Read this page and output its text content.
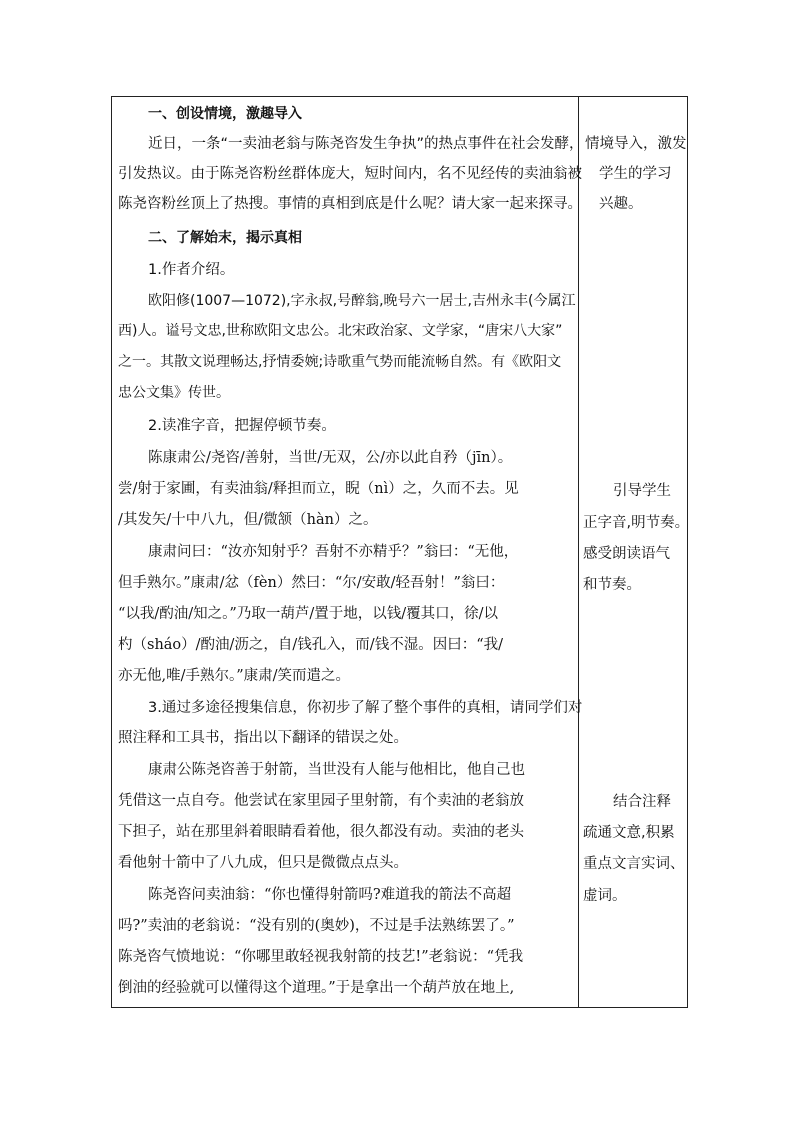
一、创设情境，激趣导入
近日，一条“一卖油老翁与陈尧咨发生争执”的热点事件在社会发酵，
引发热议。由于陈尧咨粉丝群体庞大，短时间内，名不见经传的卖油翁被
陈尧咨粉丝顶上了热搜。事情的真相到底是什么呢？请大家一起来探寻。
二、了解始末，揭示真相
1.作者介绍。
欧阳修(1007—1072),字永叔,号醉翁,晚号六一居士,吉州永丰(今属江
西)人。谥号文忠,世称欧阳文忠公。北宋政治家、文学家，“唐宋八大家”
之一。其散文说理畅达,抒情委婉;诗歌重气势而能流畅自然。有《欧阳文
忠公文集》传世。
2.读准字音，把握停顿节奏。
陈康肃公/尧咨/善射，当世/无双，公/亦以此自矜（jīn）。
尝/射于家圃，有卖油翁/释担而立，睨（nì）之，久而不去。见
/其发矢/十中八九，但/微颔（hàn）之。
康肃问曰：“汝亦知射乎？吾射不亦精乎？”翁曰：“无他，
但手熟尔。”康肃/忿（fèn）然曰：“尔/安敢/轻吾射！”翁曰：
“以我/酌油/知之。”乃取一葫芦/置于地，以钱/覆其口，徐/以
杓（sháo）/酌油/沥之，自/钱孔入，而/钱不湿。因曰：“我/
亦无他,唯/手熟尔。”康肃/笑而遣之。
3.通过多途径搜集信息，你初步了解了整个事件的真相，请同学们对
照注释和工具书，指出以下翻译的错误之处。
康肃公陈尧咨善于射箭，当世没有人能与他相比，他自己也
凭借这一点自夸。他尝试在家里园子里射箭，有个卖油的老翁放
下担子，站在那里斜着眼睛看着他，很久都没有动。卖油的老头
看他射十箭中了八九成，但只是微微点点头。
陈尧咨问卖油翁：“你也懂得射箭吗?难道我的箭法不高超
吗?”卖油的老翁说：“没有别的(奥妙)，不过是手法熟练罢了。”
陈尧咨气愤地说：“你哪里敢轻视我射箭的技艺!”老翁说：“凭我
倒油的经验就可以懂得这个道理。”于是拿出一个葫芦放在地上,
情境导入，激发
学生的学习
兴趣。
引导学生
正字音,明节奏。
感受朗读语气
和节奏。
结合注释
疏通文意,积累
重点文言实词、
虚词。
